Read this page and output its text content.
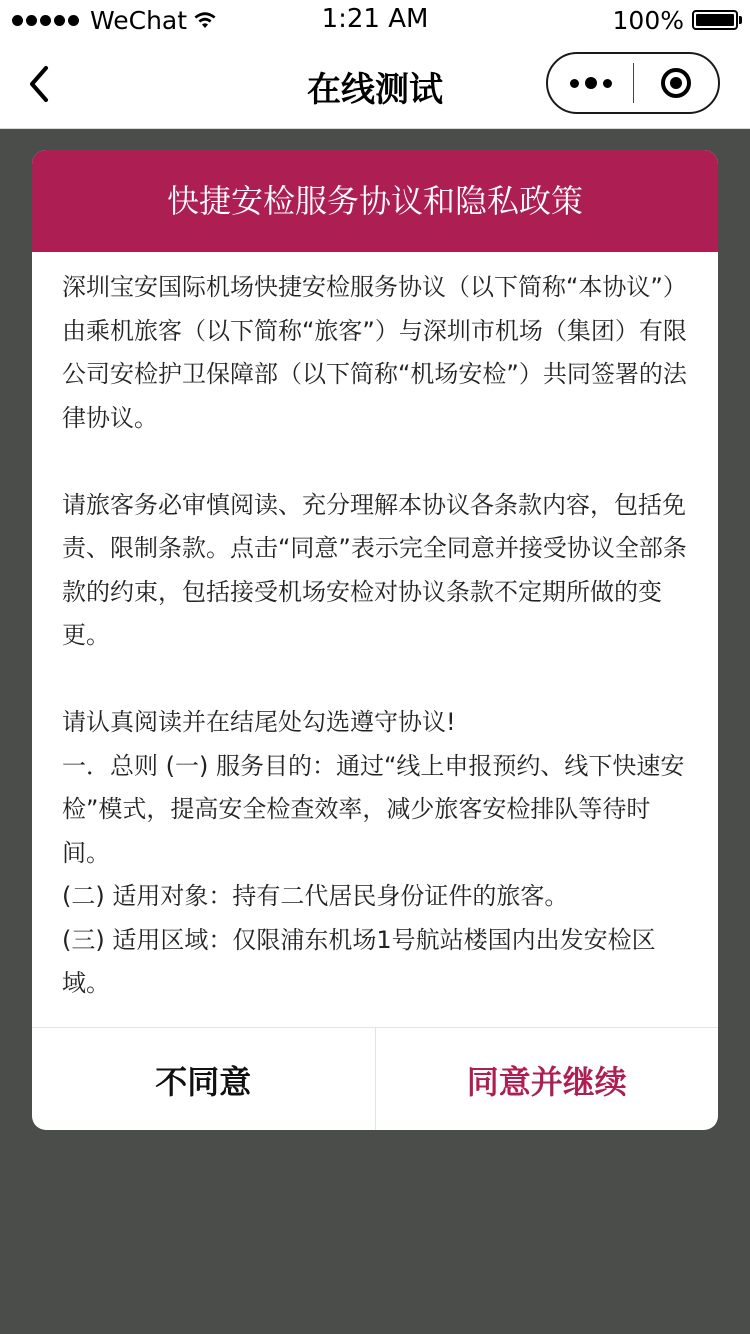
WeChat	1:21 AM	100%
在线测试
快捷安检服务协议和隐私政策

深圳宝安国际机场快捷安检服务协议（以下简称“本协议”）由乘机旅客（以下简称“旅客”）与深圳市机场（集团）有限公司安检护卫保障部（以下简称“机场安检”）共同签署的法律协议。

请旅客务必审慎阅读、充分理解本协议各条款内容，包括免责、限制条款。点击“同意”表示完全同意并接受协议全部条款的约束，包括接受机场安检对协议条款不定期所做的变更。

请认真阅读并在结尾处勾选遵守协议!

一．总则 (一) 服务目的：通过“线上申报预约、线下快速安检”模式，提高安全检查效率，减少旅客安检排队等待时间。

(二) 适用对象：持有二代居民身份证件的旅客。

(三) 适用区域：仅限浦东机场1号航站楼国内出发安检区域。

不同意	同意并继续
